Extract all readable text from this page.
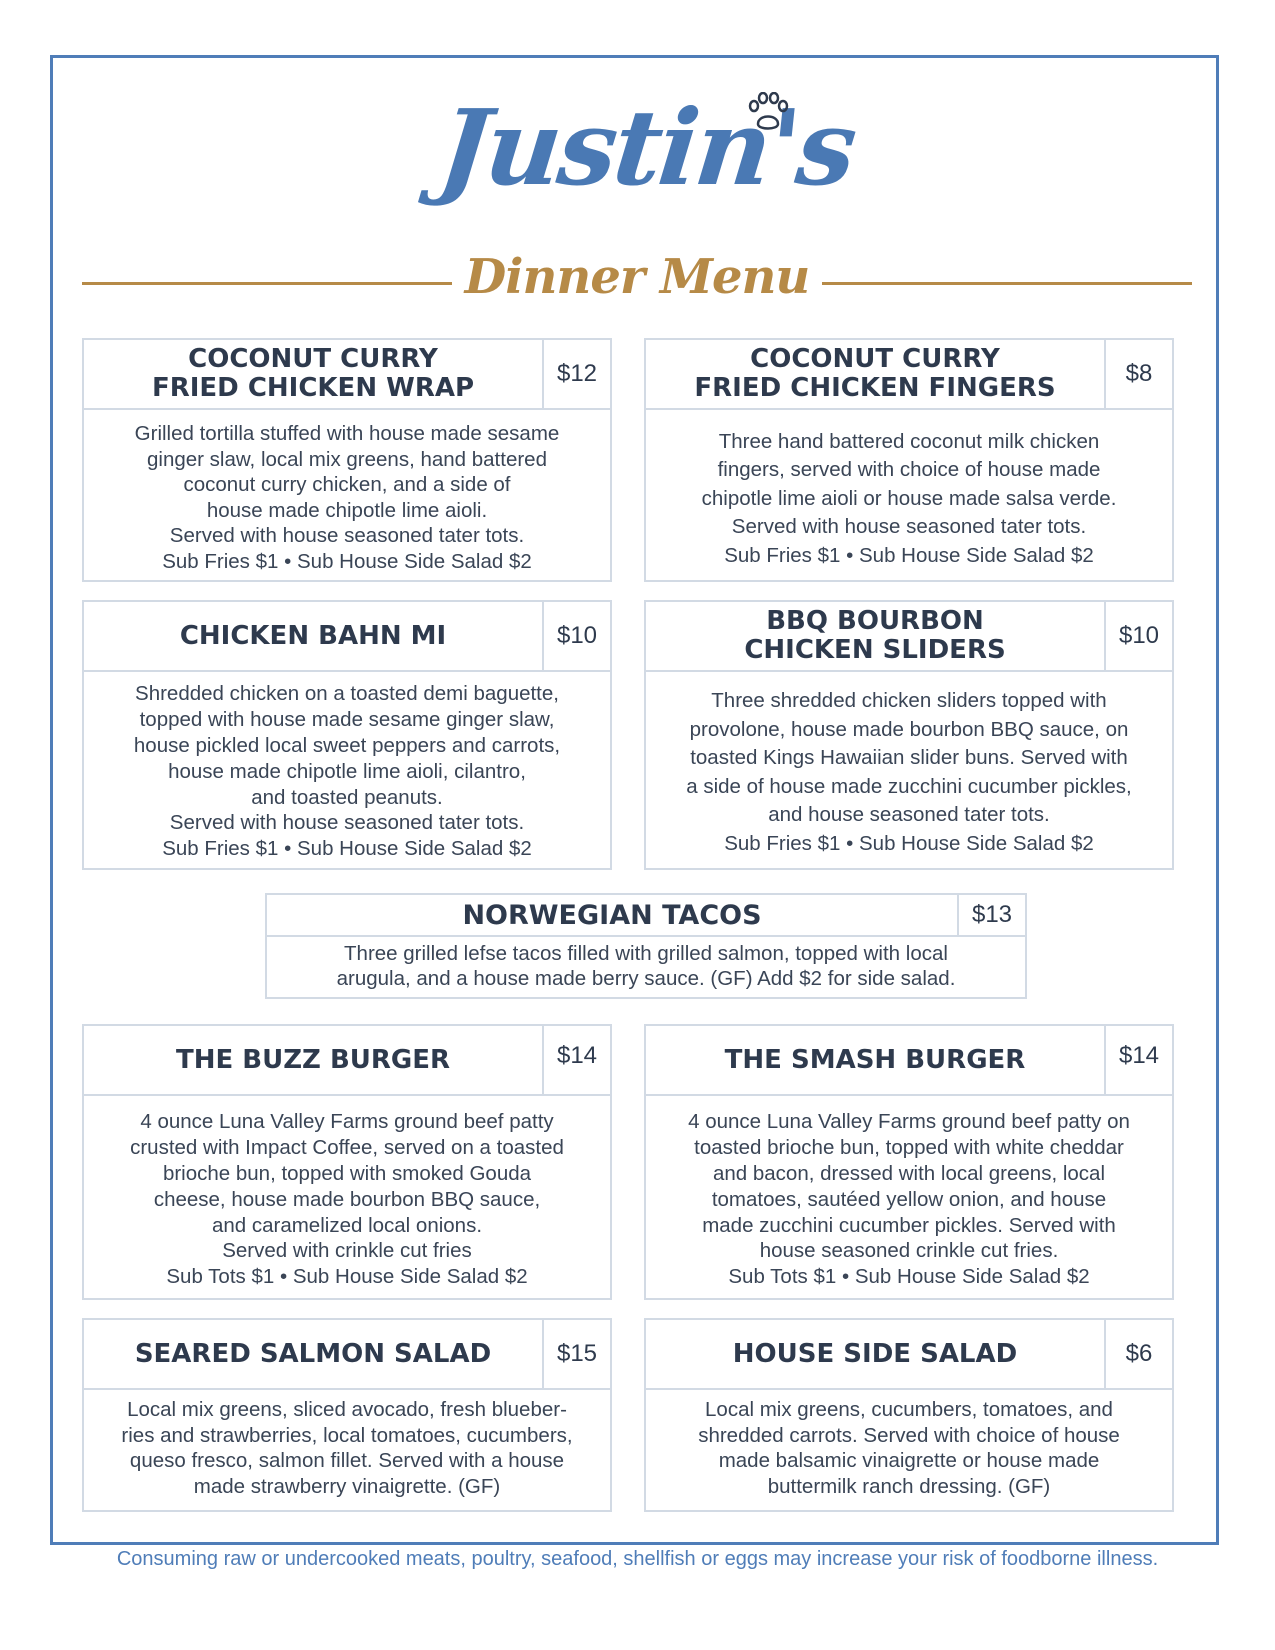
Justin's
Dinner Menu
COCONUT CURRY
FRIED CHICKEN WRAP	$12
Grilled tortilla stuffed with house made sesame
ginger slaw, local mix greens, hand battered
coconut curry chicken, and a side of
house made chipotle lime aioli.
Served with house seasoned tater tots.
Sub Fries $1 • Sub House Side Salad $2
COCONUT CURRY
FRIED CHICKEN FINGERS	$8
Three hand battered coconut milk chicken
fingers, served with choice of house made
chipotle lime aioli or house made salsa verde.
Served with house seasoned tater tots.
Sub Fries $1 • Sub House Side Salad $2
CHICKEN BAHN MI	$10
Shredded chicken on a toasted demi baguette,
topped with house made sesame ginger slaw,
house pickled local sweet peppers and carrots,
house made chipotle lime aioli, cilantro,
and toasted peanuts.
Served with house seasoned tater tots.
Sub Fries $1 • Sub House Side Salad $2
BBQ BOURBON
CHICKEN SLIDERS	$10
Three shredded chicken sliders topped with
provolone, house made bourbon BBQ sauce, on
toasted Kings Hawaiian slider buns. Served with
a side of house made zucchini cucumber pickles,
and house seasoned tater tots.
Sub Fries $1 • Sub House Side Salad $2
NORWEGIAN TACOS	$13
Three grilled lefse tacos filled with grilled salmon, topped with local
arugula, and a house made berry sauce. (GF) Add $2 for side salad.
THE BUZZ BURGER	$14
4 ounce Luna Valley Farms ground beef patty
crusted with Impact Coffee, served on a toasted
brioche bun, topped with smoked Gouda
cheese, house made bourbon BBQ sauce,
and caramelized local onions.
Served with crinkle cut fries
Sub Tots $1 • Sub House Side Salad $2
THE SMASH BURGER	$14
4 ounce Luna Valley Farms ground beef patty on
toasted brioche bun, topped with white cheddar
and bacon, dressed with local greens, local
tomatoes, sautéed yellow onion, and house
made zucchini cucumber pickles. Served with
house seasoned crinkle cut fries.
Sub Tots $1 • Sub House Side Salad $2
SEARED SALMON SALAD	$15
Local mix greens, sliced avocado, fresh blueber-
ries and strawberries, local tomatoes, cucumbers,
queso fresco, salmon fillet. Served with a house
made strawberry vinaigrette. (GF)
HOUSE SIDE SALAD	$6
Local mix greens, cucumbers, tomatoes, and
shredded carrots. Served with choice of house
made balsamic vinaigrette or house made
buttermilk ranch dressing. (GF)
Consuming raw or undercooked meats, poultry, seafood, shellfish or eggs may increase your risk of foodborne illness.
